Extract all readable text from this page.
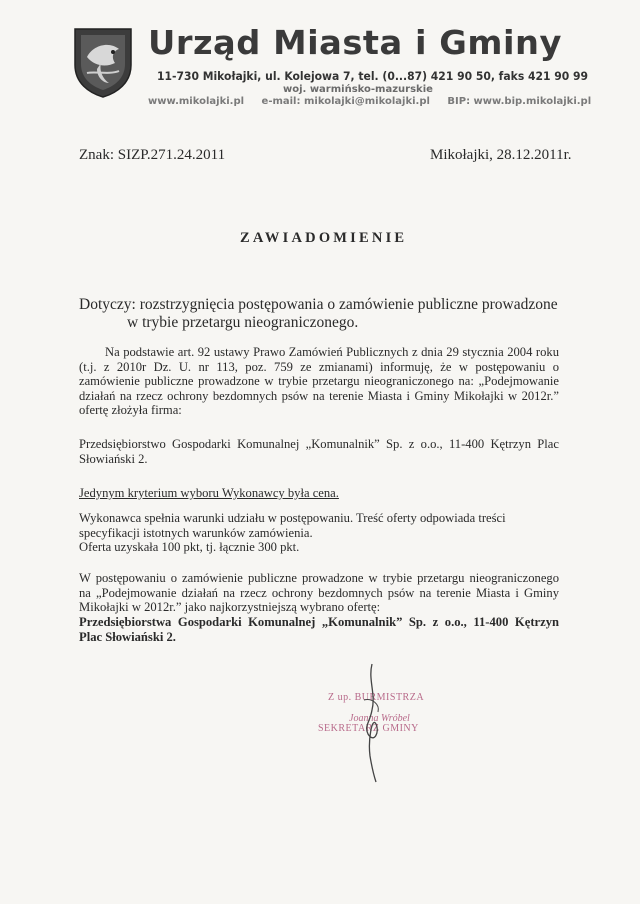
Urząd Miasta i Gminy
11-730 Mikołajki, ul. Kolejowa 7, tel. (0...87) 421 90 50, faks 421 90 99
woj. warmińsko-mazurskie
www.mikolajki.pl e-mail: mikolajki@mikolajki.pl BIP: www.bip.mikolajki.pl
Znak: SIZP.271.24.2011	Mikołajki, 28.12.2011r.
ZAWIADOMIENIE
Dotyczy: rozstrzygnięcia postępowania o zamówienie publiczne prowadzone
w trybie przetargu nieograniczonego.
Na podstawie art. 92 ustawy Prawo Zamówień Publicznych z dnia 29 stycznia 2004 roku
(t.j. z 2010r Dz. U. nr 113, poz. 759 ze zmianami) informuję, że w postępowaniu o
zamówienie publiczne prowadzone w trybie przetargu nieograniczonego na: „Podejmowanie
działań na rzecz ochrony bezdomnych psów na terenie Miasta i Gminy Mikołajki w 2012r.”
ofertę złożyła firma:
Przedsiębiorstwo Gospodarki Komunalnej „Komunalnik” Sp. z o.o., 11-400 Kętrzyn Plac
Słowiański 2.
Jedynym kryterium wyboru Wykonawcy była cena.
Wykonawca spełnia warunki udziału w postępowaniu. Treść oferty odpowiada treści
specyfikacji istotnych warunków zamówienia.
Oferta uzyskała 100 pkt, tj. łącznie 300 pkt.
W postępowaniu o zamówienie publiczne prowadzone w trybie przetargu nieograniczonego
na „Podejmowanie działań na rzecz ochrony bezdomnych psów na terenie Miasta i Gminy
Mikołajki w 2012r.” jako najkorzystniejszą wybrano ofertę:
Przedsiębiorstwa Gospodarki Komunalnej „Komunalnik” Sp. z o.o., 11-400 Kętrzyn
Plac Słowiański 2.
Z up. BURMISTRZA
Joanna Wróbel
SEKRETARZ GMINY
